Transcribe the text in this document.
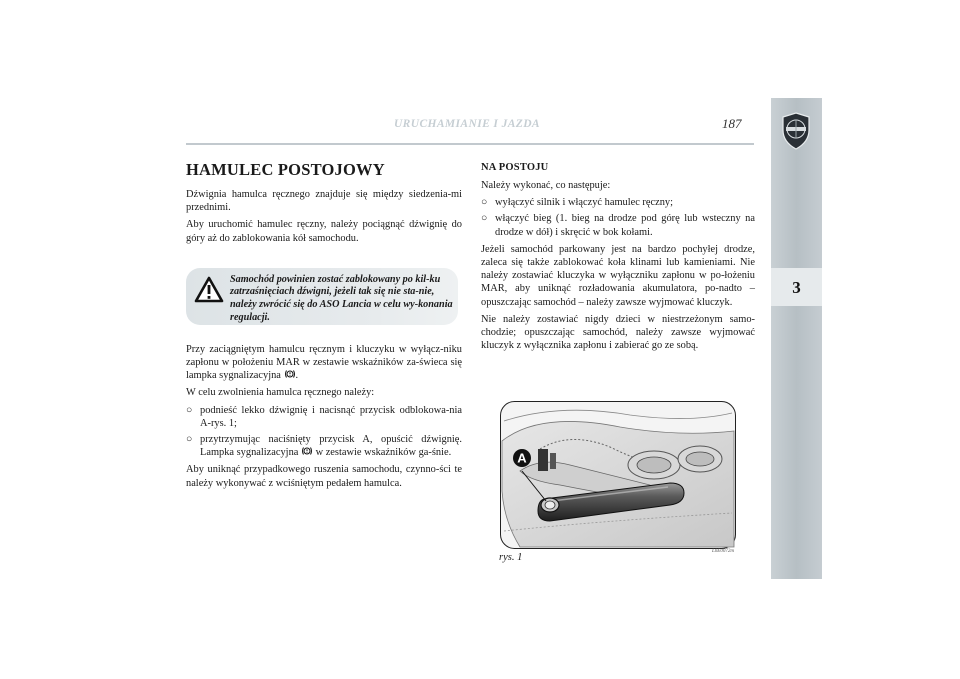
URUCHAMIANIE I JAZDA	187
3
HAMULEC POSTOJOWY

Dźwignia hamulca ręcznego znajduje się między siedzenia-mi przednimi.

Aby uruchomić hamulec ręczny, należy pociągnąć dźwignię do góry aż do zablokowania kół samochodu.

Samochód powinien zostać zablokowany po kil-ku zatrzaśnięciach dźwigni, jeżeli tak się nie sta-nie, należy zwrócić się do ASO Lancia w celu wy-konania regulacji.

Przy zaciągniętym hamulcu ręcznym i kluczyku w wyłącz-niku zapłonu w położeniu MAR w zestawie wskaźników za-świeca się lampka sygnalizacyjna .

W celu zwolnienia hamulca ręcznego należy:

○ podnieść lekko dźwignię i nacisnąć przycisk odblokowa-nia A-rys. 1;
○ przytrzymując naciśnięty przycisk A, opuścić dźwignię. Lampka sygnalizacyjna  w zestawie wskaźników ga-śnie.

Aby uniknąć przypadkowego ruszenia samochodu, czynno-ści te należy wykonywać z wciśniętym pedałem hamulca.

NA POSTOJU

Należy wykonać, co następuje:

○ wyłączyć silnik i włączyć hamulec ręczny;
○ włączyć bieg (1. bieg na drodze pod górę lub wsteczny na drodze w dół) i skręcić w bok kołami.

Jeżeli samochód parkowany jest na bardzo pochyłej drodze, zaleca się także zablokować koła klinami lub kamieniami. Nie należy zostawiać kluczyka w wyłączniku zapłonu w po-łożeniu MAR, aby uniknąć rozładowania akumulatora, po-nadto – opuszczając samochód – należy zawsze wyjmować kluczyk.

Nie należy zostawiać nigdy dzieci w niestrzeżonym samo-chodzie; opuszczając samochód, należy zawsze wyjmować kluczyk z wyłącznika zapłonu i zabierać go ze sobą.

A
rys. 1
L0E0072m
